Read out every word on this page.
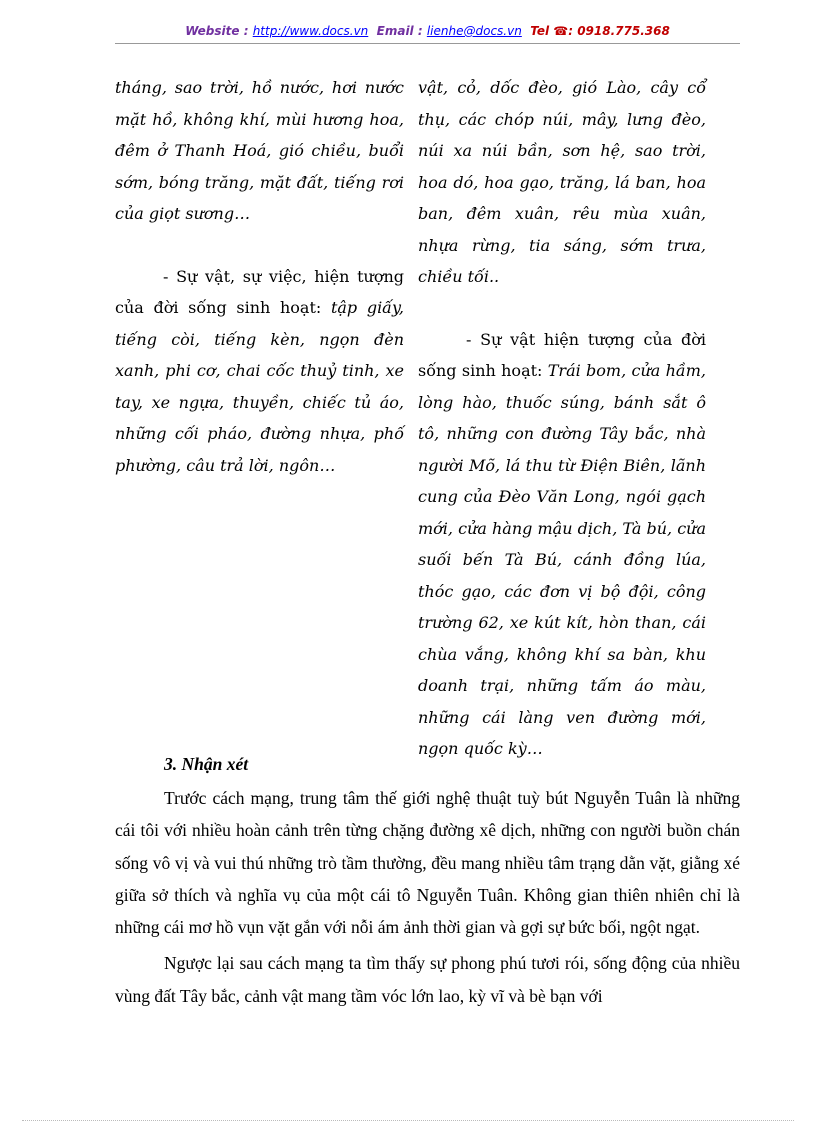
Website : http://www.docs.vn Email : lienhe@docs.vn Tel ☎: 0918.775.368

tháng, sao trời, hồ nước, hơi nước mặt hồ, không khí, mùi hương hoa, đêm ở Thanh Hoá, gió chiều, buổi sớm, bóng trăng, mặt đất, tiếng rơi của giọt sương…

- Sự vật, sự việc, hiện tượng của đời sống sinh hoạt: tập giấy, tiếng còi, tiếng kèn, ngọn đèn xanh, phi cơ, chai cốc thuỷ tinh, xe tay, xe ngựa, thuyền, chiếc tủ áo, những cối pháo, đường nhựa, phố phường, câu trả lời, ngôn…

vật, cỏ, dốc đèo, gió Lào, cây cổ thụ, các chóp núi, mây, lưng đèo, núi xa núi bần, sơn hệ, sao trời, hoa dó, hoa gạo, trăng, lá ban, hoa ban, đêm xuân, rêu mùa xuân, nhựa rừng, tia sáng, sớm trưa, chiều tối..

- Sự vật hiện tượng của đời sống sinh hoạt: Trái bom, cửa hầm, lòng hào, thuốc súng, bánh sắt ô tô, những con đường Tây bắc, nhà người Mõ, lá thu từ Điện Biên, lãnh cung của Đèo Văn Long, ngói gạch mới, cửa hàng mậu dịch, Tà bú, cửa suối bến Tà Bú, cánh đồng lúa, thóc gạo, các đơn vị bộ đội, công trường 62, xe kút kít, hòn than, cái chùa vắng, không khí sa bàn, khu doanh trại, những tấm áo màu, những cái làng ven đường mới, ngọn quốc kỳ…

3. Nhận xét

Trước cách mạng, trung tâm thế giới nghệ thuật tuỳ bút Nguyễn Tuân là những cái tôi với nhiều hoàn cảnh trên từng chặng đường xê dịch, những con người buồn chán sống vô vị và vui thú những trò tầm thường, đều mang nhiều tâm trạng dằn vặt, giằng xé giữa sở thích và nghĩa vụ của một cái tô Nguyễn Tuân. Không gian thiên nhiên chỉ là những cái mơ hồ vụn vặt gắn với nỗi ám ảnh thời gian và gợi sự bức bối, ngột ngạt.

Ngược lại sau cách mạng ta tìm thấy sự phong phú tươi rói, sống động của nhiều vùng đất Tây bắc, cảnh vật mang tầm vóc lớn lao, kỳ vĩ và bè bạn với
